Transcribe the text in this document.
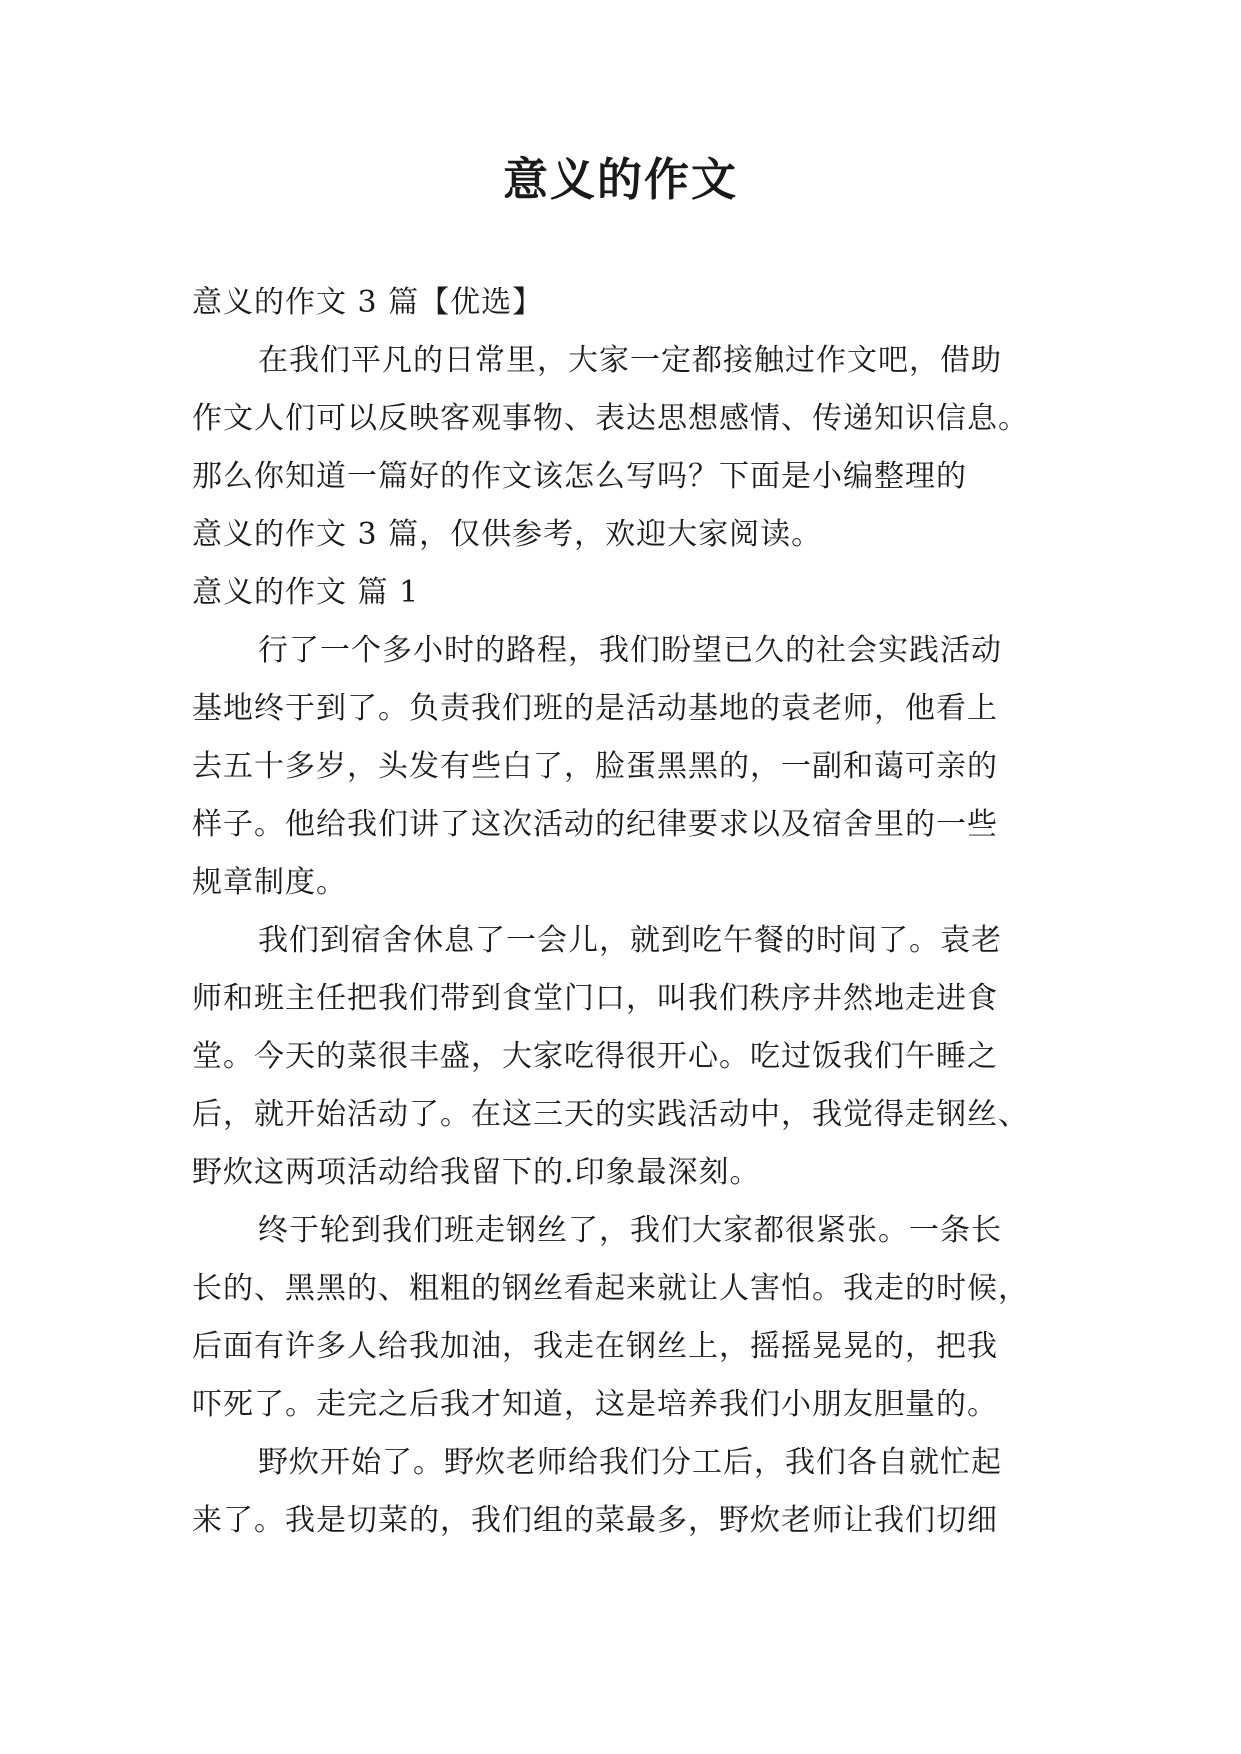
意义的作文
意义的作文 3 篇【优选】
在我们平凡的日常里，大家一定都接触过作文吧，借助
作文人们可以反映客观事物、表达思想感情、传递知识信息。
那么你知道一篇好的作文该怎么写吗？下面是小编整理的
意义的作文 3 篇，仅供参考，欢迎大家阅读。
意义的作文 篇 1
行了一个多小时的路程，我们盼望已久的社会实践活动
基地终于到了。负责我们班的是活动基地的袁老师，他看上
去五十多岁，头发有些白了，脸蛋黑黑的，一副和蔼可亲的
样子。他给我们讲了这次活动的纪律要求以及宿舍里的一些
规章制度。
我们到宿舍休息了一会儿，就到吃午餐的时间了。袁老
师和班主任把我们带到食堂门口，叫我们秩序井然地走进食
堂。今天的菜很丰盛，大家吃得很开心。吃过饭我们午睡之
后，就开始活动了。在这三天的实践活动中，我觉得走钢丝、
野炊这两项活动给我留下的.印象最深刻。
终于轮到我们班走钢丝了，我们大家都很紧张。一条长
长的、黑黑的、粗粗的钢丝看起来就让人害怕。我走的时候，
后面有许多人给我加油，我走在钢丝上，摇摇晃晃的，把我
吓死了。走完之后我才知道，这是培养我们小朋友胆量的。
野炊开始了。野炊老师给我们分工后，我们各自就忙起
来了。我是切菜的，我们组的菜最多，野炊老师让我们切细
